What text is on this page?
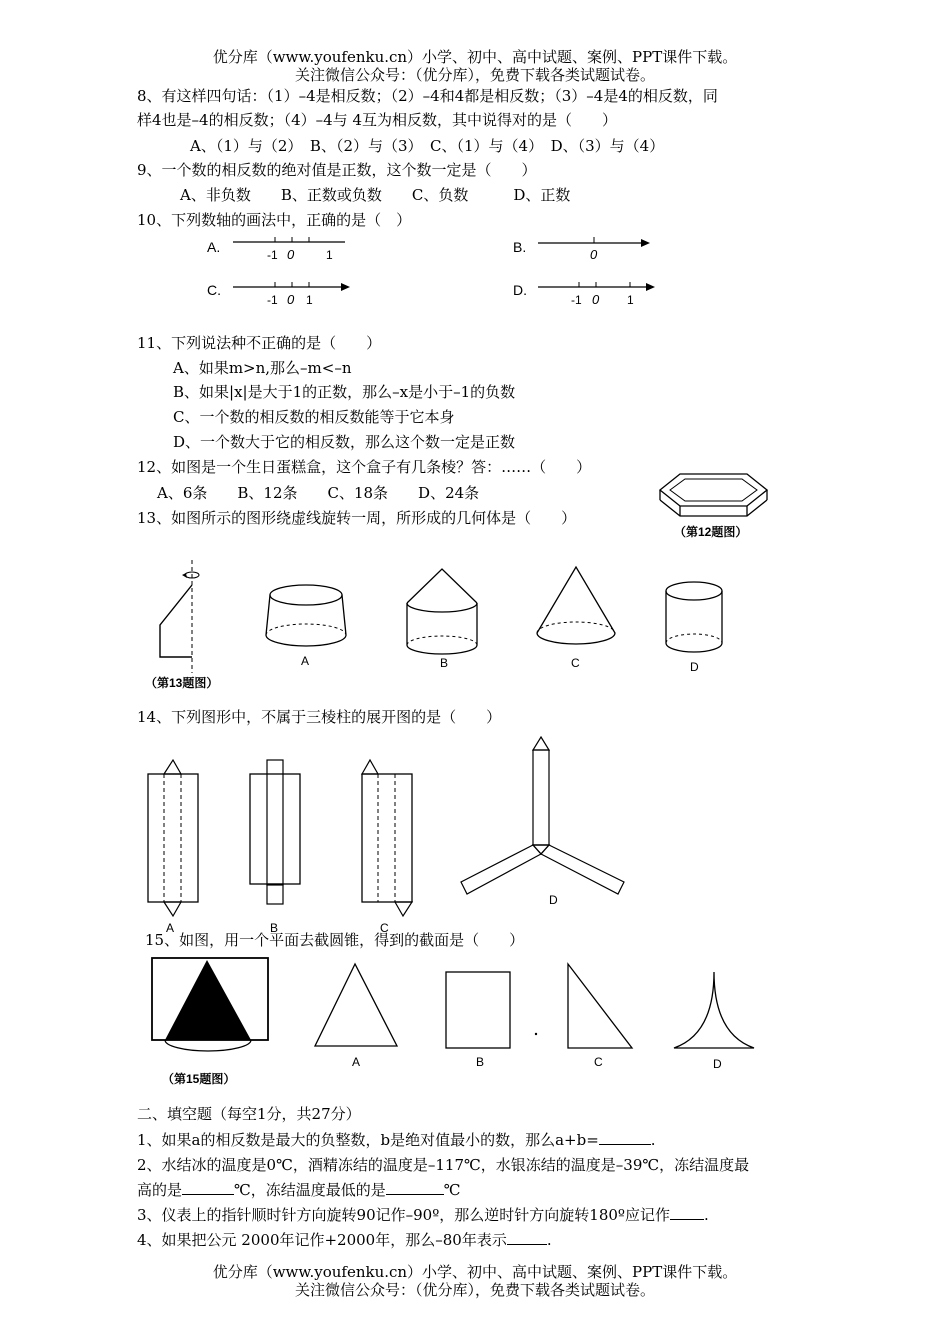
优分库（www.youfenku.cn）小学、初中、高中试题、案例、PPT课件下载。
关注微信公众号：（优分库），免费下载各类试题试卷。
8、有这样四句话：（1）–4是相反数；（2）–4和4都是相反数；（3）–4是4的相反数，同
样4也是–4的相反数；（4）–4与 4互为相反数，其中说得对的是（　　）
A、（1）与（2）　B、（2）与（3）　C、（1）与（4）　D、（3）与（4）
9、一个数的相反数的绝对值是正数，这个数一定是（　　）
A、非负数　　B、正数或负数　　C、负数　　　D、正数
10、下列数轴的画法中，正确的是（　）
A.	-1 0	1	B.	0
C.
-1 0 1
D.
-1 0 1
11、下列说法种不正确的是（　　）
A、如果m>n,那么–m<–n
B、如果|x|是大于1的正数，那么–x是小于–1的负数
C、一个数的相反数的相反数能等于它本身
D、一个数大于它的相反数，那么这个数一定是正数
12、如图是一个生日蛋糕盒，这个盒子有几条棱？答：……（　　）
A、6条　　B、12条　　C、18条　　D、24条
（第12题图）
13、如图所示的图形绕虚线旋转一周，所形成的几何体是（　　）
（第13题图）
A	B	C	D
14、下列图形中，不属于三棱柱的展开图的是（　　）
A	B	C
D
15、如图，用一个平面去截圆锥，得到的截面是（　　）
（第15题图）
A	B	C	D
二、填空题（每空1分，共27分）
1、如果a的相反数是最大的负整数，b是绝对值最小的数，那么a+b=	.
2、水结冰的温度是0℃，酒精冻结的温度是–117℃，水银冻结的温度是–39℃，冻结温度最
高的是	℃，冻结温度最低的是	℃
3、仪表上的指针顺时针方向旋转90记作–90º，那么逆时针方向旋转180º应记作 .
4、如果把公元 2000年记作+2000年，那么–80年表示	.
优分库（www.youfenku.cn）小学、初中、高中试题、案例、PPT课件下载。
关注微信公众号：（优分库），免费下载各类试题试卷。
